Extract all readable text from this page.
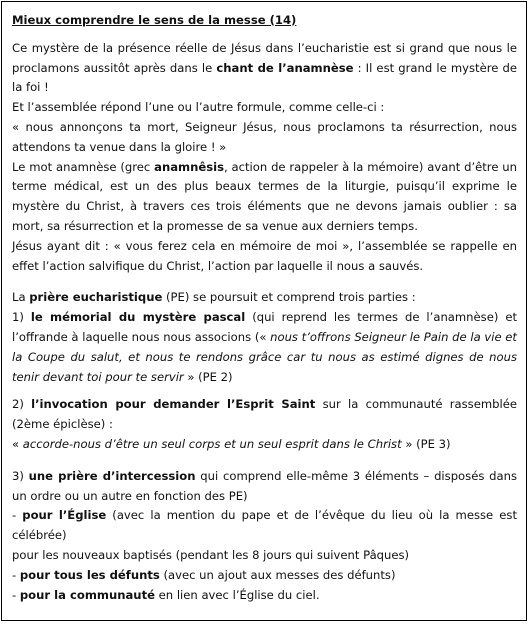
Mieux comprendre le sens de la messe (14)

Ce mystère de la présence réelle de Jésus dans l’eucharistie est si grand que nous le proclamons aussitôt après dans le chant de l’anamnèse : Il est grand le mystère de la foi !

Et l’assemblée répond l’une ou l’autre formule, comme celle-ci :

« nous annonçons ta mort, Seigneur Jésus, nous proclamons ta résurrection, nous attendons ta venue dans la gloire ! »

Le mot anamnèse (grec anamnêsis, action de rappeler à la mémoire) avant d’être un terme médical, est un des plus beaux termes de la liturgie, puisqu’il exprime le mystère du Christ, à travers ces trois éléments que ne devons jamais oublier : sa mort, sa résurrection et la promesse de sa venue aux derniers temps.

Jésus ayant dit : « vous ferez cela en mémoire de moi », l’assemblée se rappelle en effet l’action salvifique du Christ, l’action par laquelle il nous a sauvés.

La prière eucharistique (PE) se poursuit et comprend trois parties :

1) le mémorial du mystère pascal (qui reprend les termes de l’anamnèse) et l’offrande à laquelle nous nous associons (« nous t’offrons Seigneur le Pain de la vie et la Coupe du salut, et nous te rendons grâce car tu nous as estimé dignes de nous tenir devant toi pour te servir » (PE 2)

2) l’invocation pour demander l’Esprit Saint sur la communauté rassemblée (2ème épiclèse) :

« accorde-nous d’être un seul corps et un seul esprit dans le Christ » (PE 3)

3) une prière d’intercession qui comprend elle-même 3 éléments – disposés dans un ordre ou un autre en fonction des PE)

- pour l’Église (avec la mention du pape et de l’évêque du lieu où la messe est célébrée)

pour les nouveaux baptisés (pendant les 8 jours qui suivent Pâques)

- pour tous les défunts (avec un ajout aux messes des défunts)

- pour la communauté en lien avec l’Église du ciel.
